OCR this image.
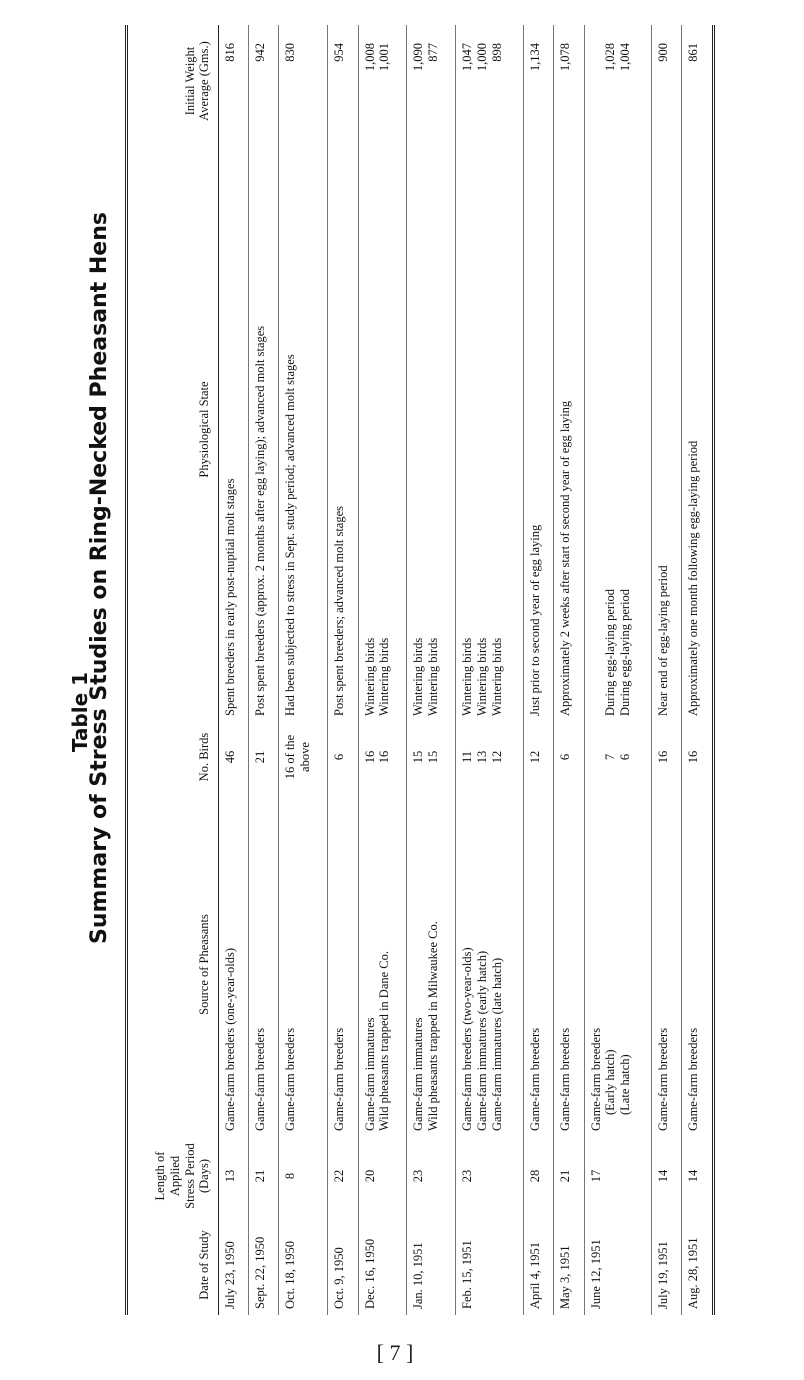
Table 1
Summary of Stress Studies on Ring-Necked Pheasant Hens
Date of Study	Length of Applied Stress Period (Days)	Source of Pheasants	No. Birds	Physiological State	Initial Weight Average (Gms.)
July 23, 1950	13	Game-farm breeders (one-year-olds)	46	Spent breeders in early post-nuptial molt stages	816

Sept. 22, 1950	21	Game-farm breeders	21	Post spent breeders (approx. 2 months after egg laying); advanced molt stages	942

Oct. 18, 1950	8	Game-farm breeders	16 of the above	Had been subjected to stress in Sept. study period; advanced molt stages	830

Oct. 9, 1950	22	Game-farm breeders	6	Post spent breeders; advanced molt stages	954

Dec. 16, 1950	20	Game-farm immatures Wild pheasants trapped in Dane Co.	16 16	Wintering birds Wintering birds	1,008 1,001

Jan. 10, 1951	23	Game-farm immatures Wild pheasants trapped in Milwaukee Co.	15 15	Wintering birds Wintering birds	1,090 877

Feb. 15, 1951	23	Game-farm breeders (two-year-olds) Game-farm immatures (early hatch) Game-farm immatures (late hatch)	11 13 12	Wintering birds Wintering birds Wintering birds	1,047 1,000 898

April 4, 1951	28	Game-farm breeders	12	Just prior to second year of egg laying	1,134

May 3, 1951	21	Game-farm breeders	6	Approximately 2 weeks after start of second year of egg laying	1,078

June 12, 1951	17	Game-farm breeders (Early hatch) (Late hatch)	7 6	During egg-laying period During egg-laying period	1,028 1,004

July 19, 1951	14	Game-farm breeders	16	Near end of egg-laying period	900

Aug. 28, 1951	14	Game-farm breeders	16	Approximately one month following egg-laying period	861
[ 7 ]
